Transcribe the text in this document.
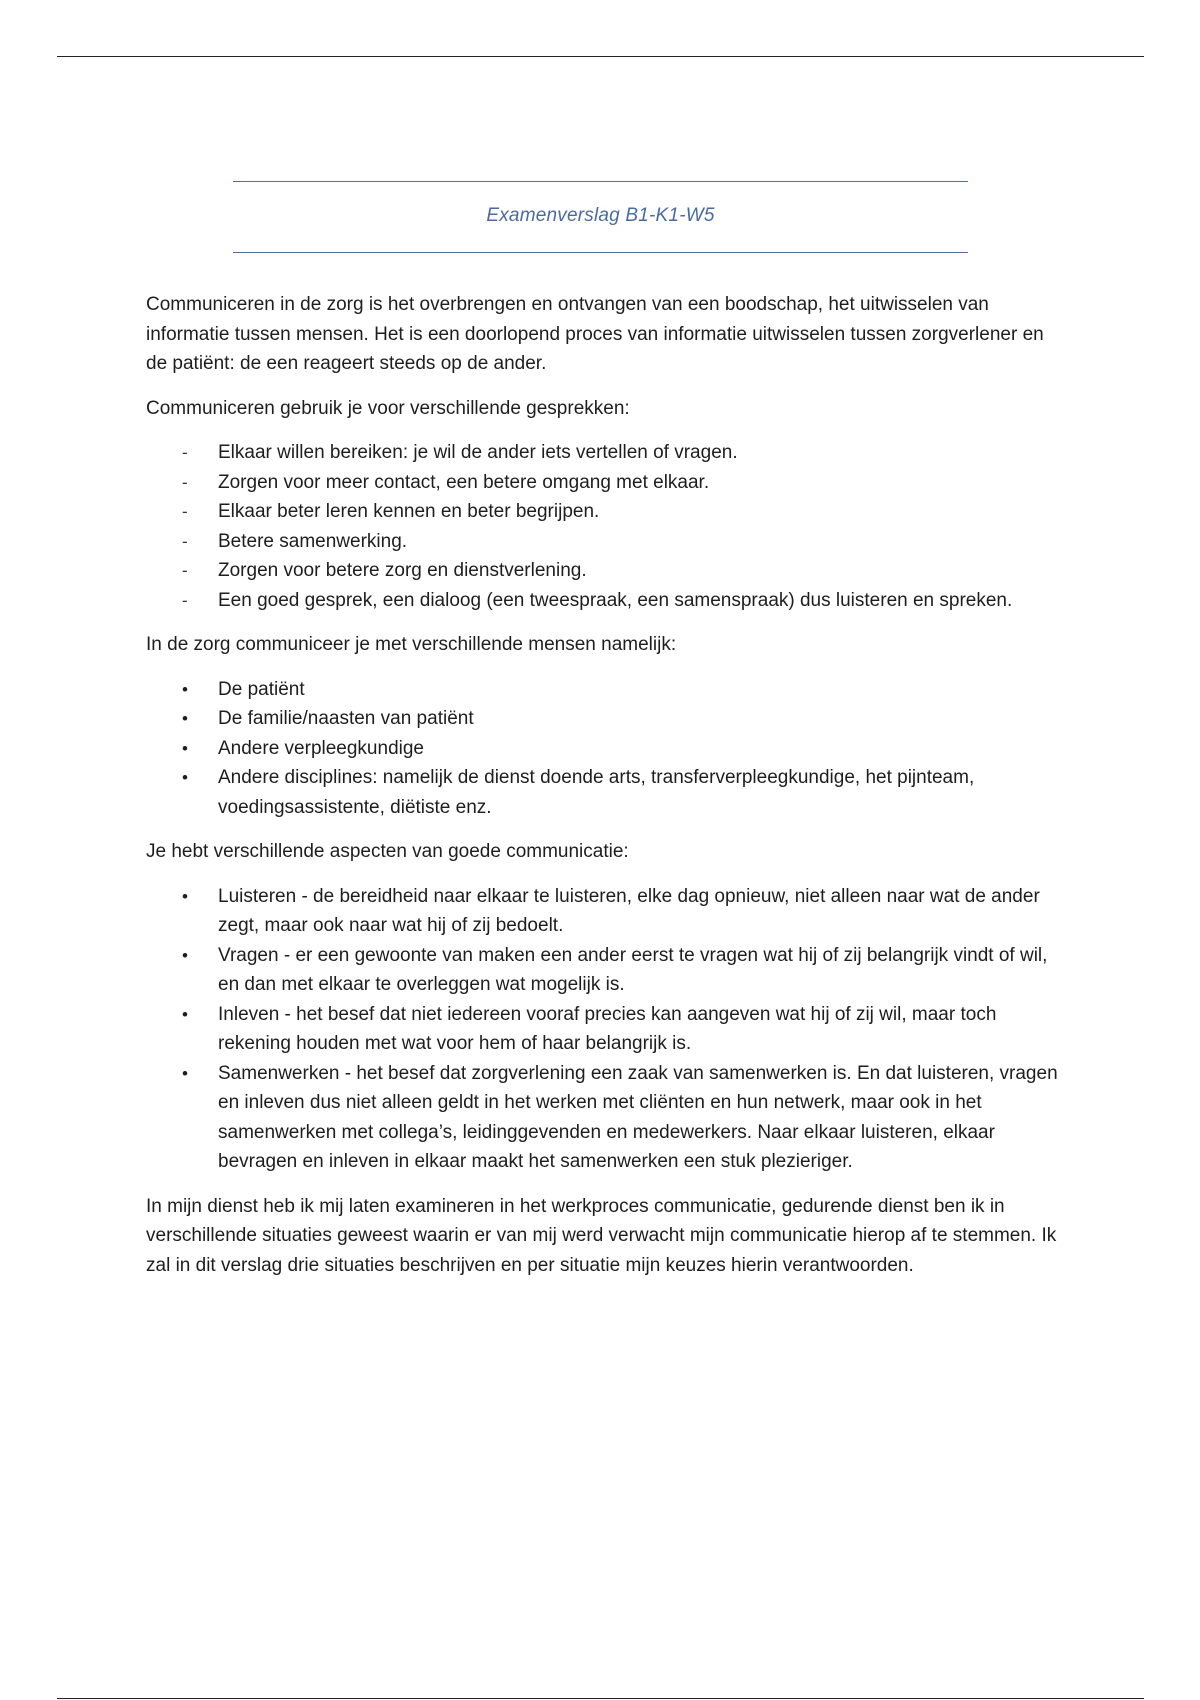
Examenverslag B1-K1-W5

Communiceren in de zorg is het overbrengen en ontvangen van een boodschap, het uitwisselen van informatie tussen mensen. Het is een doorlopend proces van informatie uitwisselen tussen zorgverlener en de patiënt: de een reageert steeds op de ander.

Communiceren gebruik je voor verschillende gesprekken:

-	Elkaar willen bereiken: je wil de ander iets vertellen of vragen.
-	Zorgen voor meer contact, een betere omgang met elkaar.
-	Elkaar beter leren kennen en beter begrijpen.
-	Betere samenwerking.
-	Zorgen voor betere zorg en dienstverlening.
-	Een goed gesprek, een dialoog (een tweespraak, een samenspraak) dus luisteren en spreken.

In de zorg communiceer je met verschillende mensen namelijk:

•	De patiënt
•	De familie/naasten van patiënt
•	Andere verpleegkundige
•	Andere disciplines: namelijk de dienst doende arts, transferverpleegkundige, het pijnteam, voedingsassistente, diëtiste enz.

Je hebt verschillende aspecten van goede communicatie:

•	Luisteren - de bereidheid naar elkaar te luisteren, elke dag opnieuw, niet alleen naar wat de ander zegt, maar ook naar wat hij of zij bedoelt.
•	Vragen - er een gewoonte van maken een ander eerst te vragen wat hij of zij belangrijk vindt of wil, en dan met elkaar te overleggen wat mogelijk is.
•	Inleven - het besef dat niet iedereen vooraf precies kan aangeven wat hij of zij wil, maar toch rekening houden met wat voor hem of haar belangrijk is.
•	Samenwerken - het besef dat zorgverlening een zaak van samenwerken is. En dat luisteren, vragen en inleven dus niet alleen geldt in het werken met cliënten en hun netwerk, maar ook in het samenwerken met collega’s, leidinggevenden en medewerkers. Naar elkaar luisteren, elkaar bevragen en inleven in elkaar maakt het samenwerken een stuk plezieriger.

In mijn dienst heb ik mij laten examineren in het werkproces communicatie, gedurende dienst ben ik in verschillende situaties geweest waarin er van mij werd verwacht mijn communicatie hierop af te stemmen. Ik zal in dit verslag drie situaties beschrijven en per situatie mijn keuzes hierin verantwoorden.
